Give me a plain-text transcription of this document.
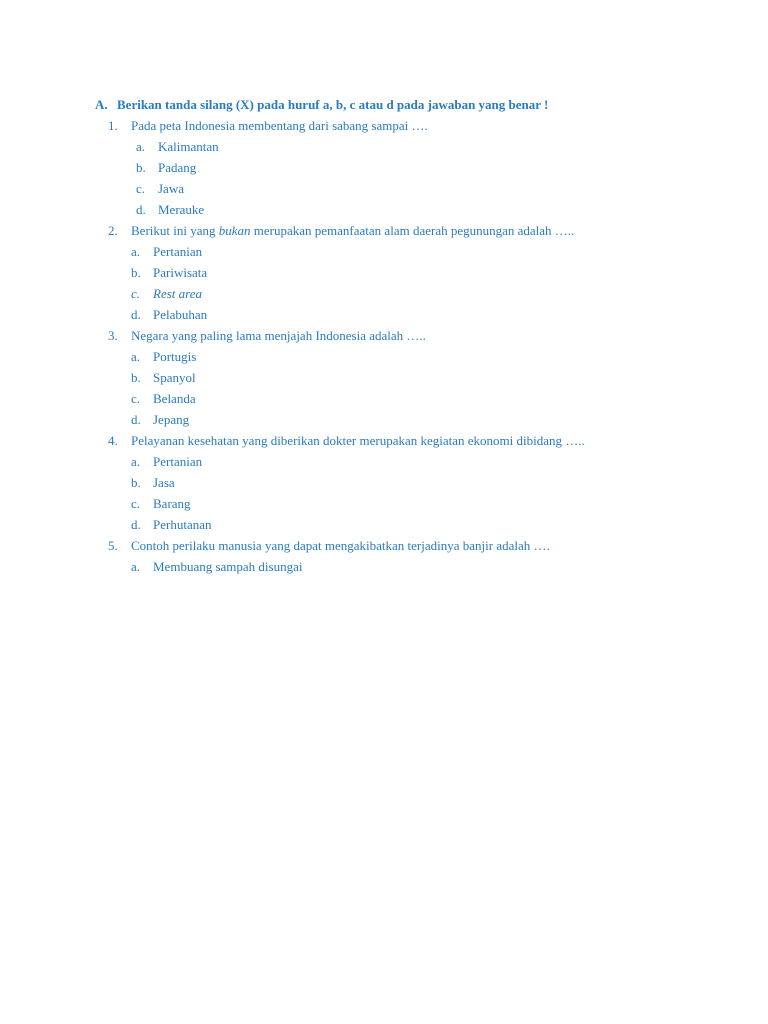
A. Berikan tanda silang (X) pada huruf a, b, c atau d pada jawaban yang benar !
1. Pada peta Indonesia membentang dari sabang sampai ….
a. Kalimantan
b. Padang
c. Jawa
d. Merauke
2. Berikut ini yang bukan merupakan pemanfaatan alam daerah pegunungan adalah …..
a. Pertanian
b. Pariwisata
c. Rest area
d. Pelabuhan
3. Negara yang paling lama menjajah Indonesia adalah …..
a. Portugis
b. Spanyol
c. Belanda
d. Jepang
4. Pelayanan kesehatan yang diberikan dokter merupakan kegiatan ekonomi dibidang …..
a. Pertanian
b. Jasa
c. Barang
d. Perhutanan
5. Contoh perilaku manusia yang dapat mengakibatkan terjadinya banjir adalah ….
a. Membuang sampah disungai
